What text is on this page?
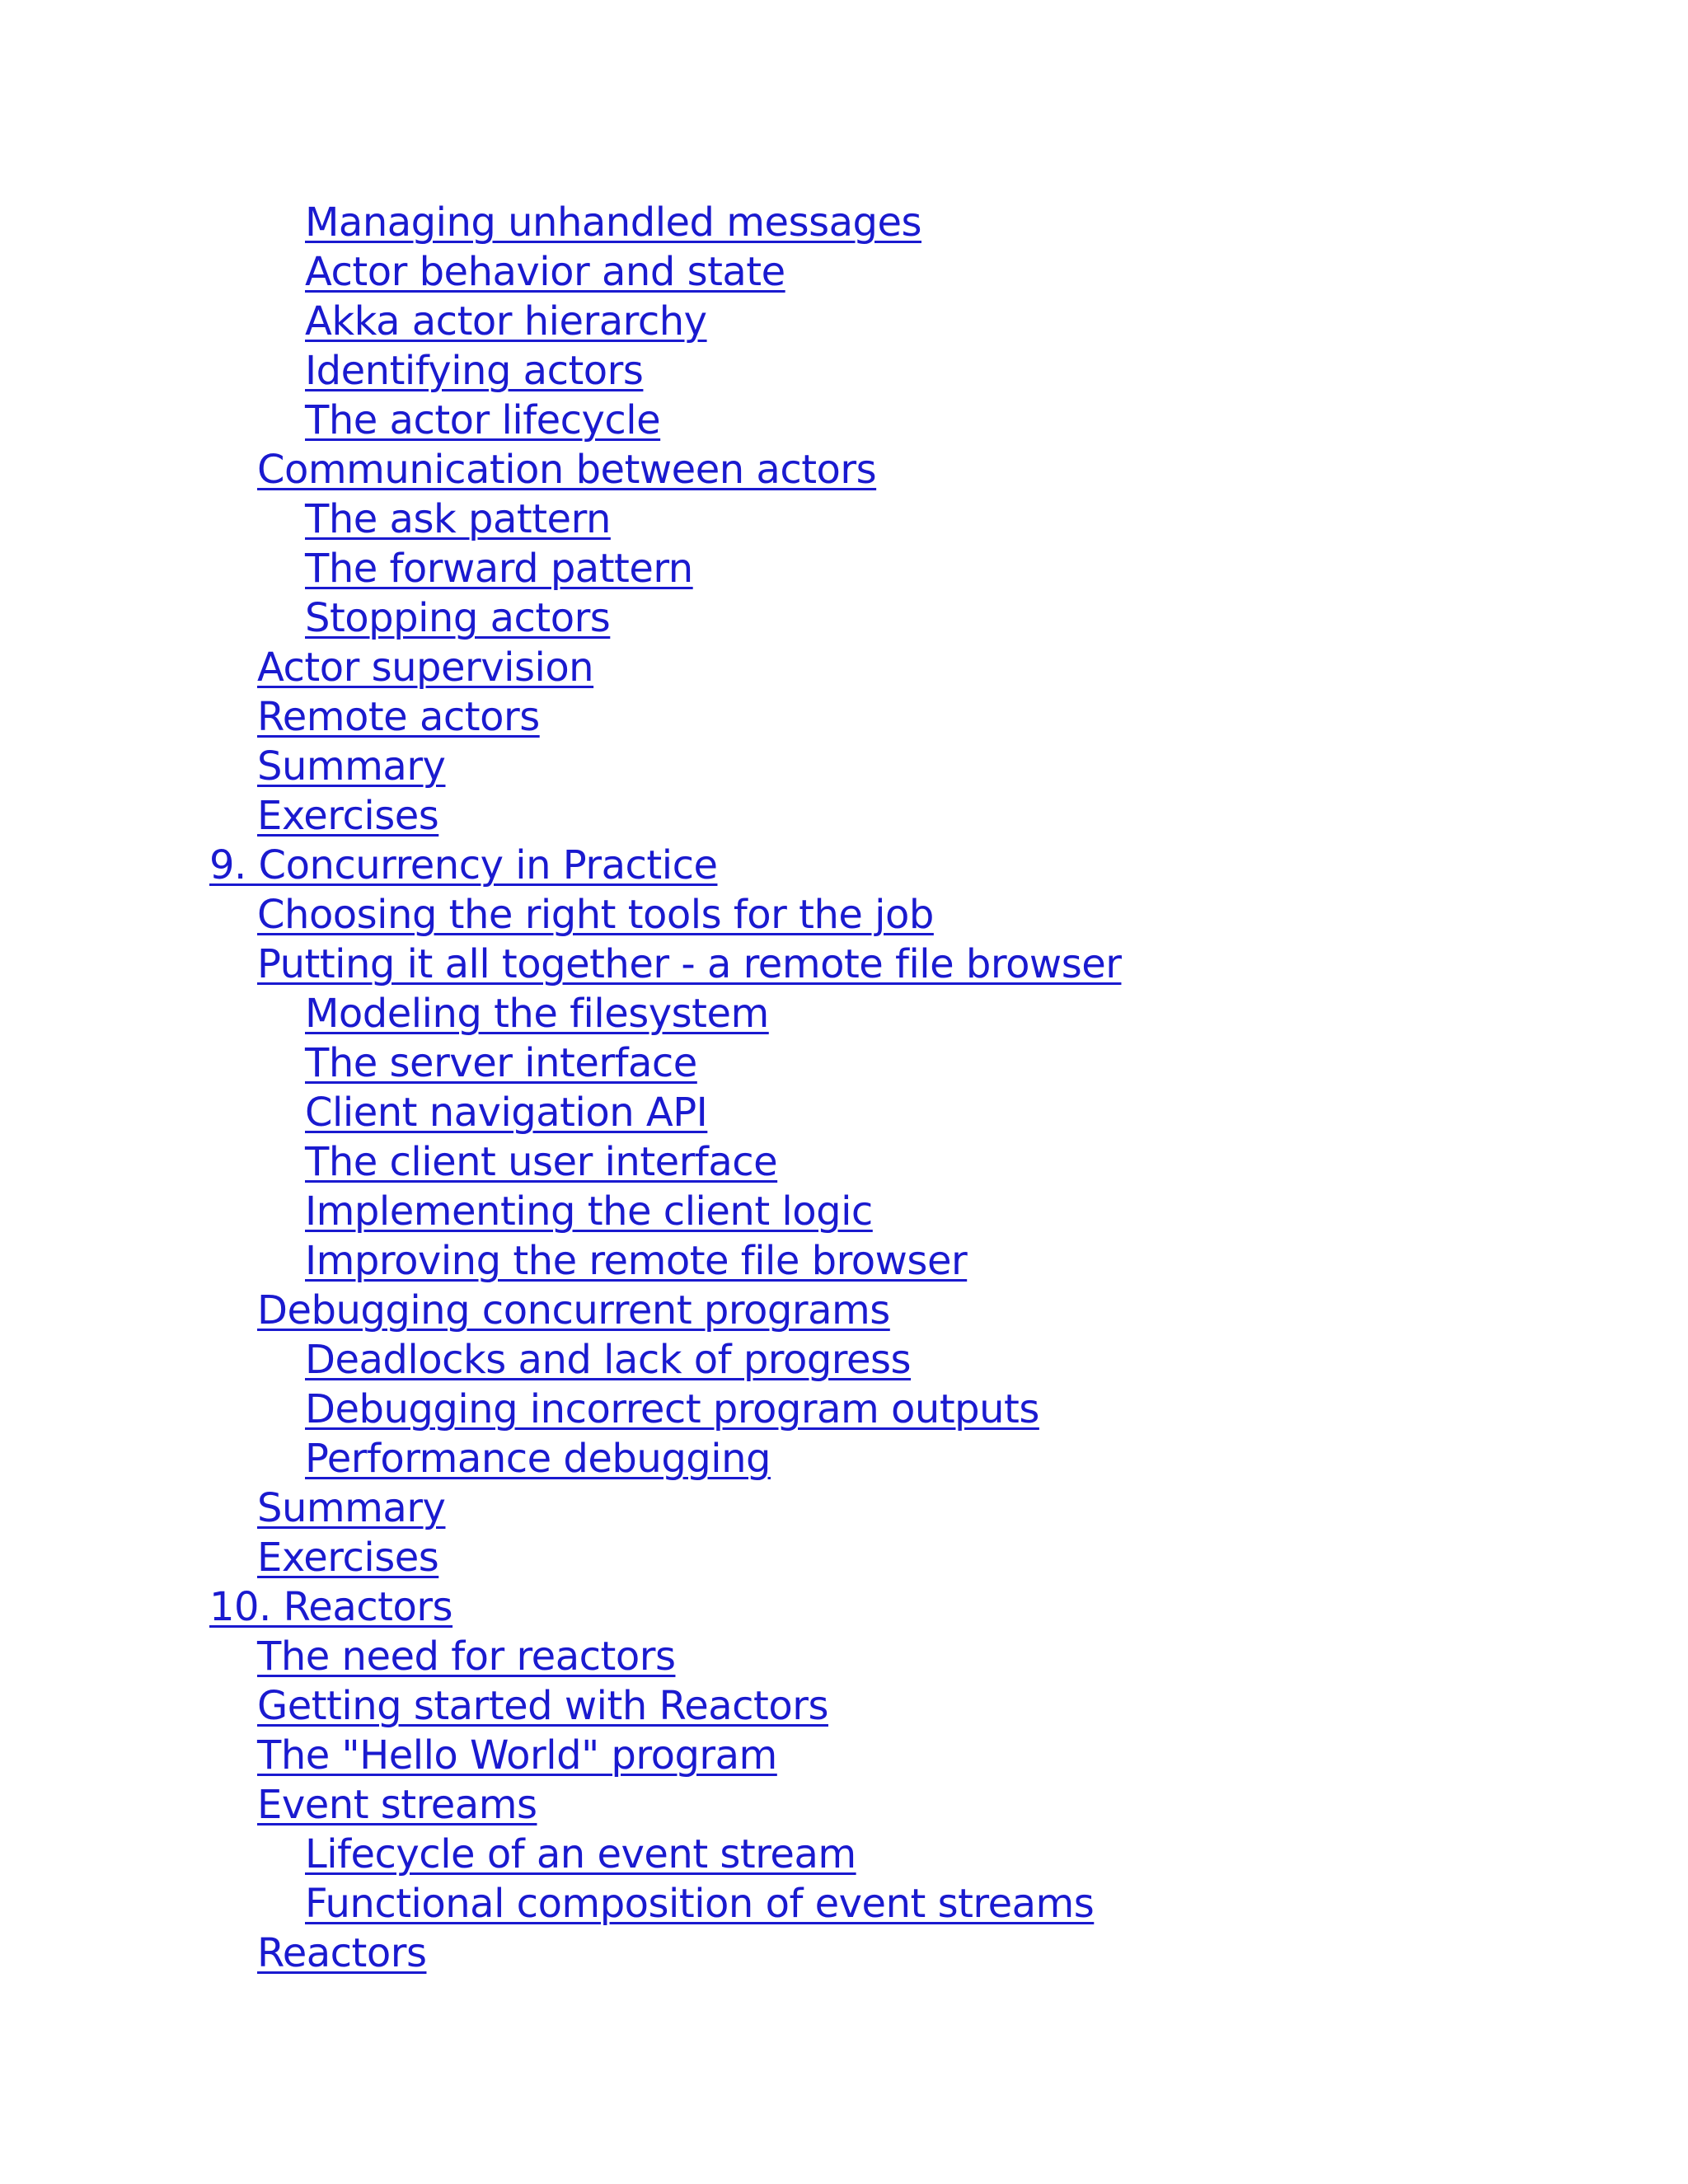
Managing unhandled messages
Actor behavior and state
Akka actor hierarchy
Identifying actors
The actor lifecycle
Communication between actors
The ask pattern
The forward pattern
Stopping actors
Actor supervision
Remote actors
Summary
Exercises
9. Concurrency in Practice
Choosing the right tools for the job
Putting it all together - a remote file browser
Modeling the filesystem
The server interface
Client navigation API
The client user interface
Implementing the client logic
Improving the remote file browser
Debugging concurrent programs
Deadlocks and lack of progress
Debugging incorrect program outputs
Performance debugging
Summary
Exercises
10. Reactors
The need for reactors
Getting started with Reactors
The "Hello World" program
Event streams
Lifecycle of an event stream
Functional composition of event streams
Reactors
